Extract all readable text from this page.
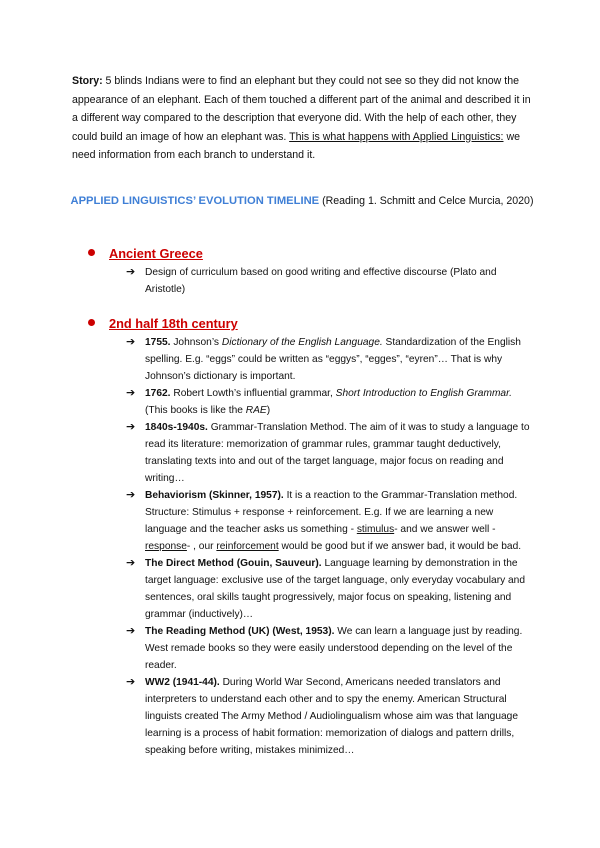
Story: 5 blinds Indians were to find an elephant but they could not see so they did not know the appearance of an elephant. Each of them touched a different part of the animal and described it in a different way compared to the description that everyone did. With the help of each other, they could build an image of how an elephant was. This is what happens with Applied Linguistics: we need information from each branch to understand it.

APPLIED LINGUISTICS’ EVOLUTION TIMELINE (Reading 1. Schmitt and Celce Murcia, 2020)
Ancient Greece
➔ Design of curriculum based on good writing and effective discourse (Plato and Aristotle)
2nd half 18th century
➔ 1755. Johnson’s Dictionary of the English Language. Standardization of the English spelling. E.g. “eggs” could be written as “eggys”, “egges”, “eyren”… That is why Johnson’s dictionary is important.
➔ 1762. Robert Lowth’s influential grammar, Short Introduction to English Grammar. (This books is like the RAE)
➔ 1840s-1940s. Grammar-Translation Method. The aim of it was to study a language to read its literature: memorization of grammar rules, grammar taught deductively, translating texts into and out of the target language, major focus on reading and writing…
➔ Behaviorism (Skinner, 1957). It is a reaction to the Grammar-Translation method. Structure: Stimulus + response + reinforcement. E.g. If we are learning a new language and the teacher asks us something - stimulus- and we answer well - response- , our reinforcement would be good but if we answer bad, it would be bad.
➔ The Direct Method (Gouin, Sauveur). Language learning by demonstration in the target language: exclusive use of the target language, only everyday vocabulary and sentences, oral skills taught progressively, major focus on speaking, listening and grammar (inductively)…
➔ The Reading Method (UK) (West, 1953). We can learn a language just by reading. West remade books so they were easily understood depending on the level of the reader.
➔ WW2 (1941-44). During World War Second, Americans needed translators and interpreters to understand each other and to spy the enemy. American Structural linguists created The Army Method / Audiolingualism whose aim was that language learning is a process of habit formation: memorization of dialogs and pattern drills, speaking before writing, mistakes minimized…
